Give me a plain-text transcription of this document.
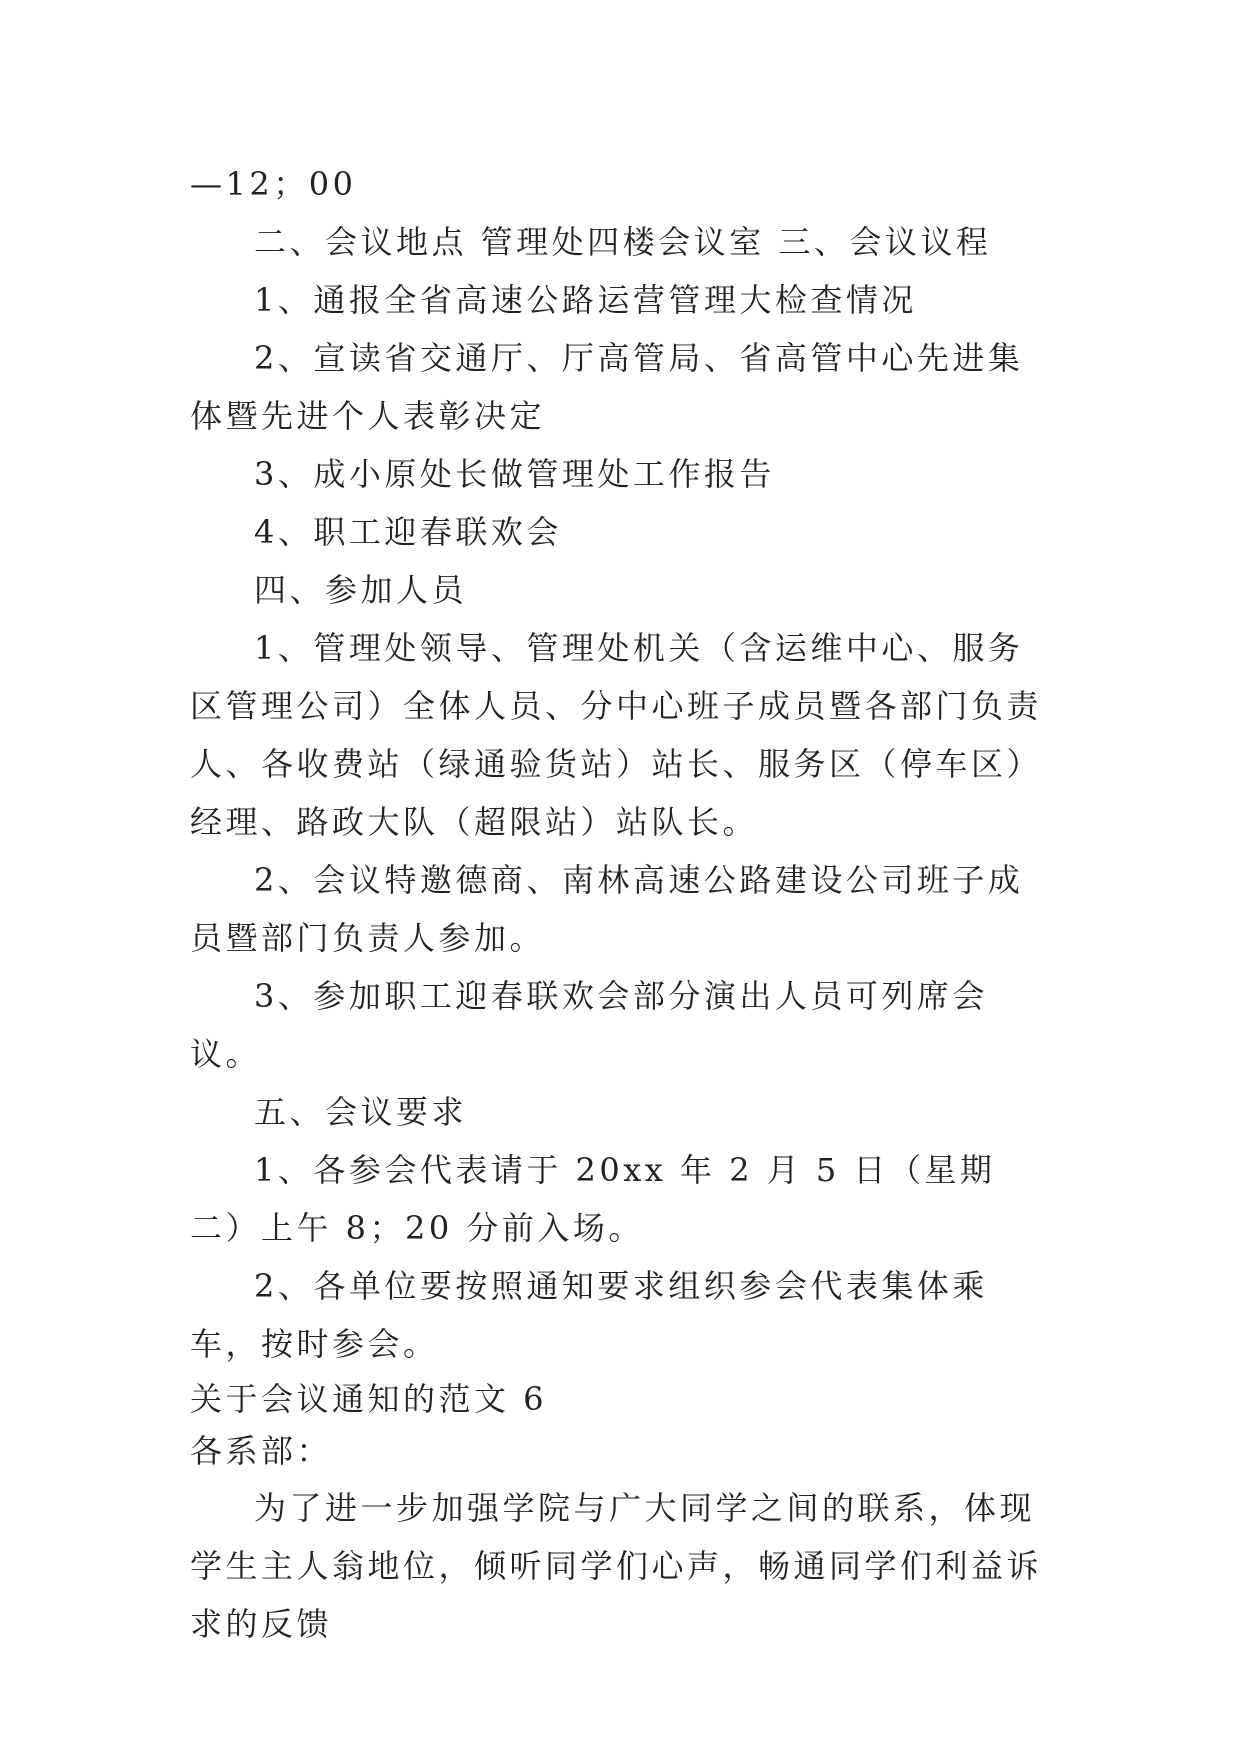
—12；00

二、会议地点 管理处四楼会议室 三、会议议程

1、通报全省高速公路运营管理大检查情况

2、宣读省交通厅、厅高管局、省高管中心先进集体暨先进个人表彰决定

3、成小原处长做管理处工作报告

4、职工迎春联欢会

四、参加人员

1、管理处领导、管理处机关（含运维中心、服务区管理公司）全体人员、分中心班子成员暨各部门负责人、各收费站（绿通验货站）站长、服务区（停车区）经理、路政大队（超限站）站队长。

2、会议特邀德商、南林高速公路建设公司班子成员暨部门负责人参加。

3、参加职工迎春联欢会部分演出人员可列席会议。

五、会议要求

1、各参会代表请于 20xx 年 2 月 5 日（星期二）上午 8；20 分前入场。

2、各单位要按照通知要求组织参会代表集体乘车，按时参会。

关于会议通知的范文 6

各系部：

为了进一步加强学院与广大同学之间的联系，体现学生主人翁地位，倾听同学们心声，畅通同学们利益诉求的反馈
